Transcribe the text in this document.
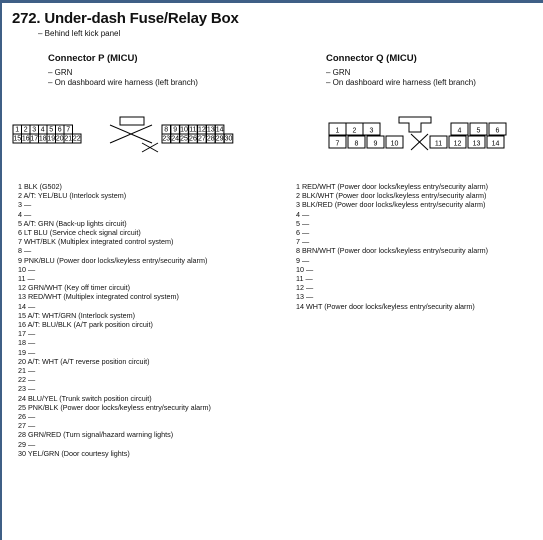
272. Under-dash Fuse/Relay Box
– Behind left kick panel
Connector P (MICU)
– GRN
– On dashboard wire harness (left branch)
Connector Q (MICU)
– GRN
– On dashboard wire harness (left branch)
1 2 3 4 5 6 7	8 9 10 11 12 13 14
15 16 17 18 19 20 21 22	23 24 25 26 27 28 29 30
1 2 3	4 5 6
7 8 9 10	11 12 13 14
1 BLK (G502)
2 A/T: YEL/BLU (Interlock system)
3 —
4 —
5 A/T: GRN (Back-up lights circuit)
6 LT BLU (Service check signal circuit)
7 WHT/BLK (Multiplex integrated control system)
8 —
9 PNK/BLU (Power door locks/keyless entry/security alarm)
10 —
11 —
12 GRN/WHT (Key off timer circuit)
13 RED/WHT (Multiplex integrated control system)
14 —
15 A/T: WHT/GRN (Interlock system)
16 A/T: BLU/BLK (A/T park position circuit)
17 —
18 —
19 —
20 A/T: WHT (A/T reverse position circuit)
21 —
22 —
23 —
24 BLU/YEL (Trunk switch position circuit)
25 PNK/BLK (Power door locks/keyless entry/security alarm)
26 —
27 —
28 GRN/RED (Turn signal/hazard warning lights)
29 —
30 YEL/GRN (Door courtesy lights)
1 RED/WHT (Power door locks/keyless entry/security alarm)
2 BLK/WHT (Power door locks/keyless entry/security alarm)
3 BLK/RED (Power door locks/keyless entry/security alarm)
4 —
5 —
6 —
7 —
8 BRN/WHT (Power door locks/keyless entry/security alarm)
9 —
10 —
11 —
12 —
13 —
14 WHT (Power door locks/keyless entry/security alarm)
